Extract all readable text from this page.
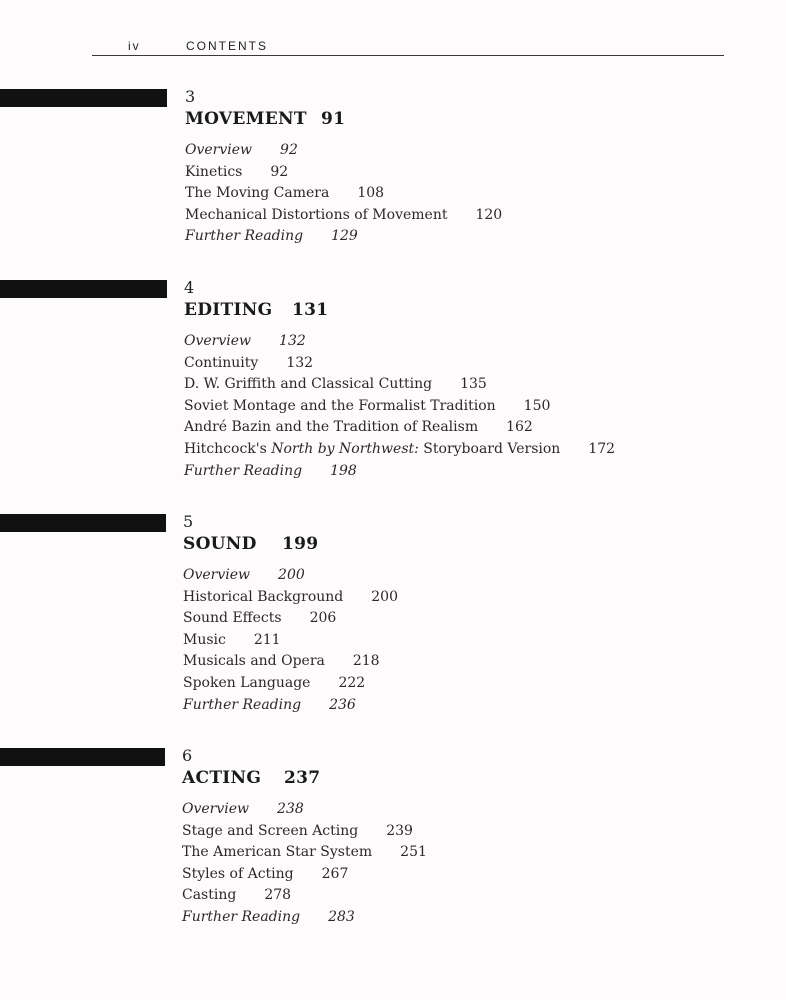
iv	CONTENTS
3
MOVEMENT 91
Overview 92
Kinetics 92
The Moving Camera 108
Mechanical Distortions of Movement 120
Further Reading 129
4
EDITING 131
Overview 132
Continuity 132
D. W. Griffith and Classical Cutting 135
Soviet Montage and the Formalist Tradition 150
André Bazin and the Tradition of Realism 162
Hitchcock's North by Northwest: Storyboard Version 172
Further Reading 198
5
SOUND 199
Overview 200
Historical Background 200
Sound Effects 206
Music 211
Musicals and Opera 218
Spoken Language 222
Further Reading 236
6
ACTING 237
Overview 238
Stage and Screen Acting 239
The American Star System 251
Styles of Acting 267
Casting 278
Further Reading 283
